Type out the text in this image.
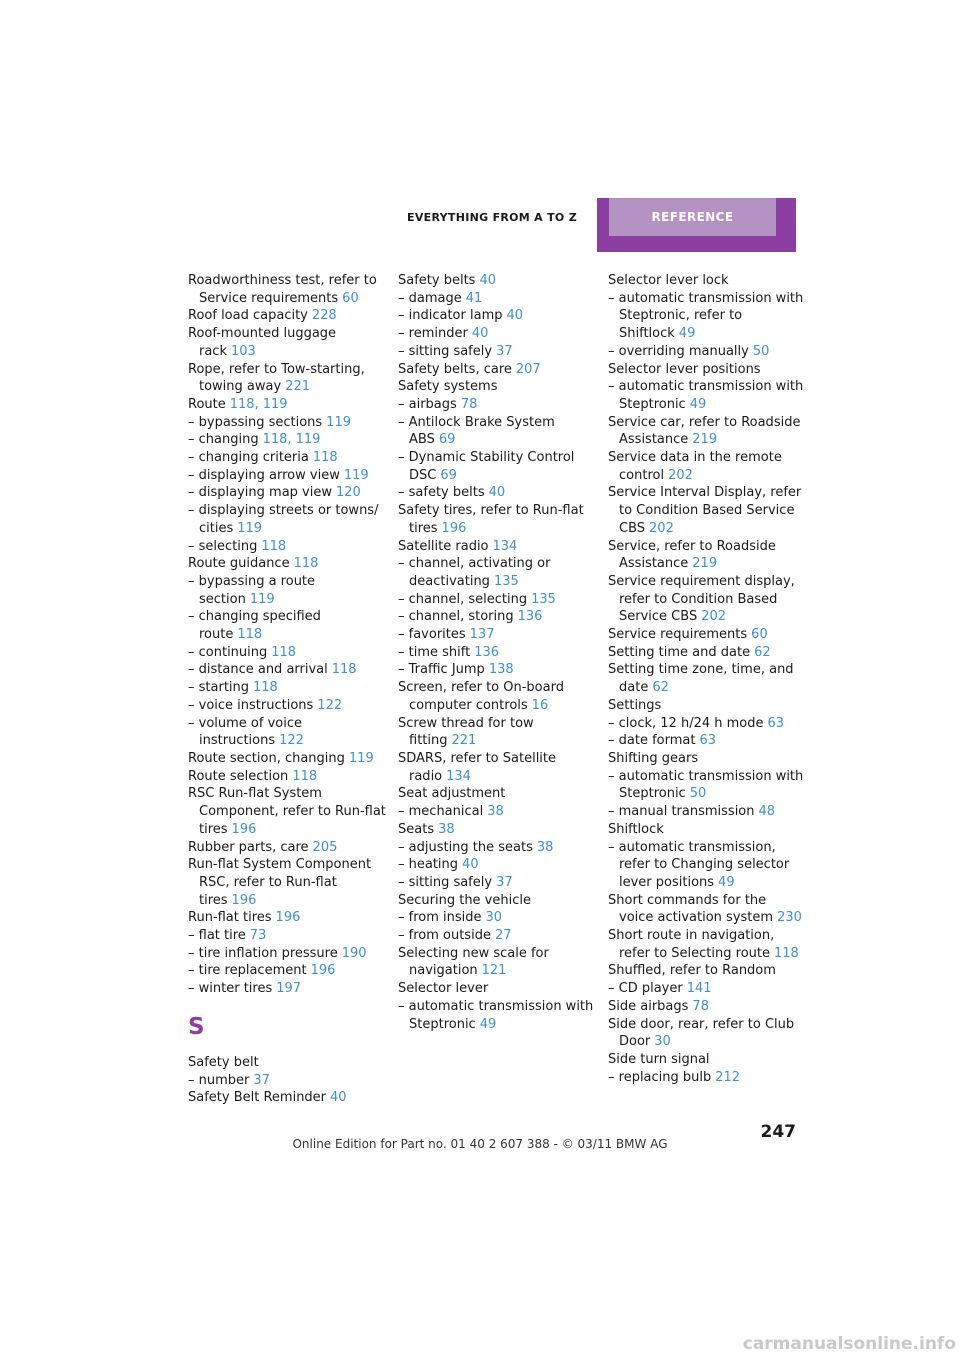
EVERYTHING FROM A TO Z	REFERENCE

Roadworthiness test, refer to Service requirements 60

Roof load capacity 228

Roof-mounted luggage rack 103

Rope, refer to Tow-starting, towing away 221

Route 118, 119

– bypassing sections 119

– changing 118, 119

– changing criteria 118

– displaying arrow view 119

– displaying map view 120

– displaying streets or towns/ cities 119

– selecting 118

Route guidance 118

– bypassing a route section 119

– changing specified route 118

– continuing 118

– distance and arrival 118

– starting 118

– voice instructions 122

– volume of voice instructions 122

Route section, changing 119

Route selection 118

RSC Run-flat System Component, refer to Run-flat tires 196

Rubber parts, care 205

Run-flat System Component RSC, refer to Run-flat tires 196

Run-flat tires 196

– flat tire 73

– tire inflation pressure 190

– tire replacement 196

– winter tires 197

S

Safety belt

– number 37

Safety Belt Reminder 40

Safety belts 40

– damage 41

– indicator lamp 40

– reminder 40

– sitting safely 37

Safety belts, care 207

Safety systems

– airbags 78

– Antilock Brake System ABS 69

– Dynamic Stability Control DSC 69

– safety belts 40

Safety tires, refer to Run-flat tires 196

Satellite radio 134

– channel, activating or deactivating 135

– channel, selecting 135

– channel, storing 136

– favorites 137

– time shift 136

– Traffic Jump 138

Screen, refer to On-board computer controls 16

Screw thread for tow fitting 221

SDARS, refer to Satellite radio 134

Seat adjustment

– mechanical 38

Seats 38

– adjusting the seats 38

– heating 40

– sitting safely 37

Securing the vehicle

– from inside 30

– from outside 27

Selecting new scale for navigation 121

Selector lever

– automatic transmission with Steptronic 49

Selector lever lock

– automatic transmission with Steptronic, refer to Shiftlock 49

– overriding manually 50

Selector lever positions

– automatic transmission with Steptronic 49

Service car, refer to Roadside Assistance 219

Service data in the remote control 202

Service Interval Display, refer to Condition Based Service CBS 202

Service, refer to Roadside Assistance 219

Service requirement display, refer to Condition Based Service CBS 202

Service requirements 60

Setting time and date 62

Setting time zone, time, and date 62

Settings

– clock, 12 h/24 h mode 63

– date format 63

Shifting gears

– automatic transmission with Steptronic 50

– manual transmission 48

Shiftlock

– automatic transmission, refer to Changing selector lever positions 49

Short commands for the voice activation system 230

Short route in navigation, refer to Selecting route 118

Shuffled, refer to Random

– CD player 141

Side airbags 78

Side door, rear, refer to Club Door 30

Side turn signal

– replacing bulb 212

247
Online Edition for Part no. 01 40 2 607 388 - © 03/11 BMW AG
carmanualsonline.info
